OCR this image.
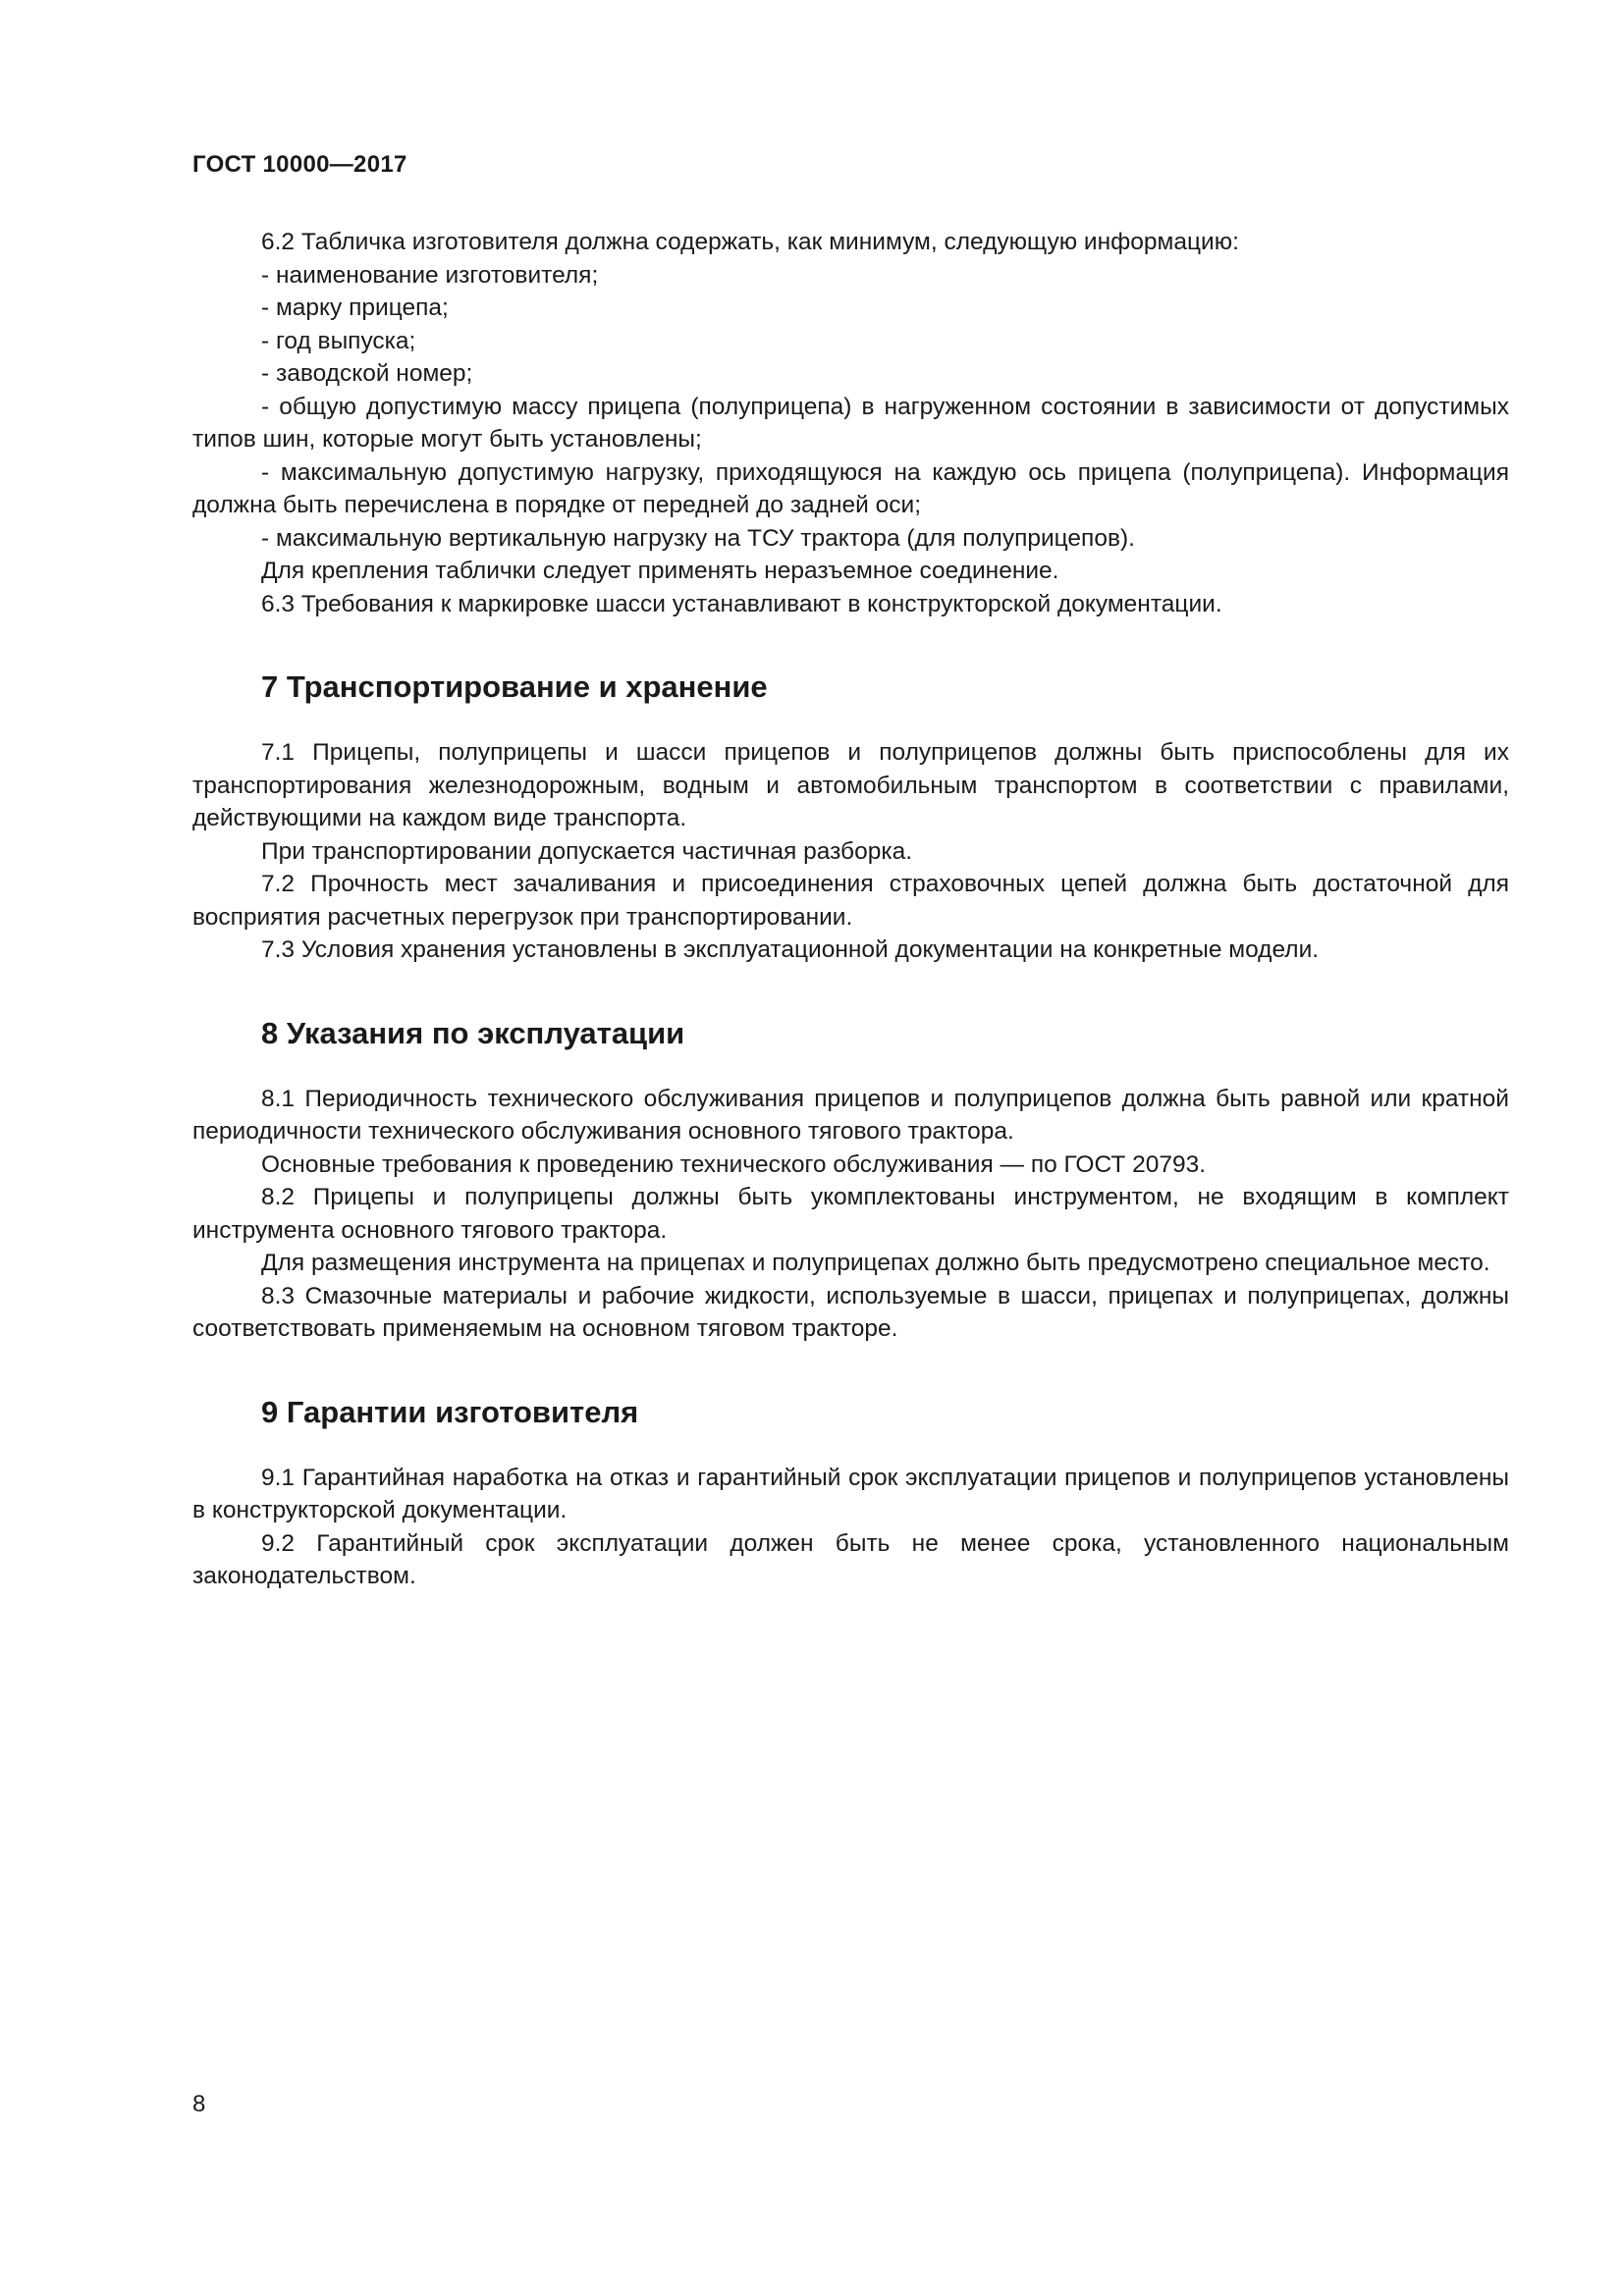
ГОСТ 10000—2017

6.2 Табличка изготовителя должна содержать, как минимум, следующую информацию:

- наименование изготовителя;

- марку прицепа;

- год выпуска;

- заводской номер;

- общую допустимую массу прицепа (полуприцепа) в нагруженном состоянии в зависимости от допустимых типов шин, которые могут быть установлены;

- максимальную допустимую нагрузку, приходящуюся на каждую ось прицепа (полуприцепа). Информация должна быть перечислена в порядке от передней до задней оси;

- максимальную вертикальную нагрузку на ТСУ трактора (для полуприцепов).

Для крепления таблички следует применять неразъемное соединение.

6.3 Требования к маркировке шасси устанавливают в конструкторской документации.

7 Транспортирование и хранение

7.1 Прицепы, полуприцепы и шасси прицепов и полуприцепов должны быть приспособлены для их транспортирования железнодорожным, водным и автомобильным транспортом в соответствии с правилами, действующими на каждом виде транспорта.

При транспортировании допускается частичная разборка.

7.2 Прочность мест зачаливания и присоединения страховочных цепей должна быть достаточной для восприятия расчетных перегрузок при транспортировании.

7.3 Условия хранения установлены в эксплуатационной документации на конкретные модели.

8 Указания по эксплуатации

8.1 Периодичность технического обслуживания прицепов и полуприцепов должна быть равной или кратной периодичности технического обслуживания основного тягового трактора.

Основные требования к проведению технического обслуживания — по ГОСТ 20793.

8.2 Прицепы и полуприцепы должны быть укомплектованы инструментом, не входящим в комплект инструмента основного тягового трактора.

Для размещения инструмента на прицепах и полуприцепах должно быть предусмотрено специальное место.

8.3 Смазочные материалы и рабочие жидкости, используемые в шасси, прицепах и полуприцепах, должны соответствовать применяемым на основном тяговом тракторе.

9 Гарантии изготовителя

9.1 Гарантийная наработка на отказ и гарантийный срок эксплуатации прицепов и полуприцепов установлены в конструкторской документации.

9.2 Гарантийный срок эксплуатации должен быть не менее срока, установленного национальным законодательством.

8
